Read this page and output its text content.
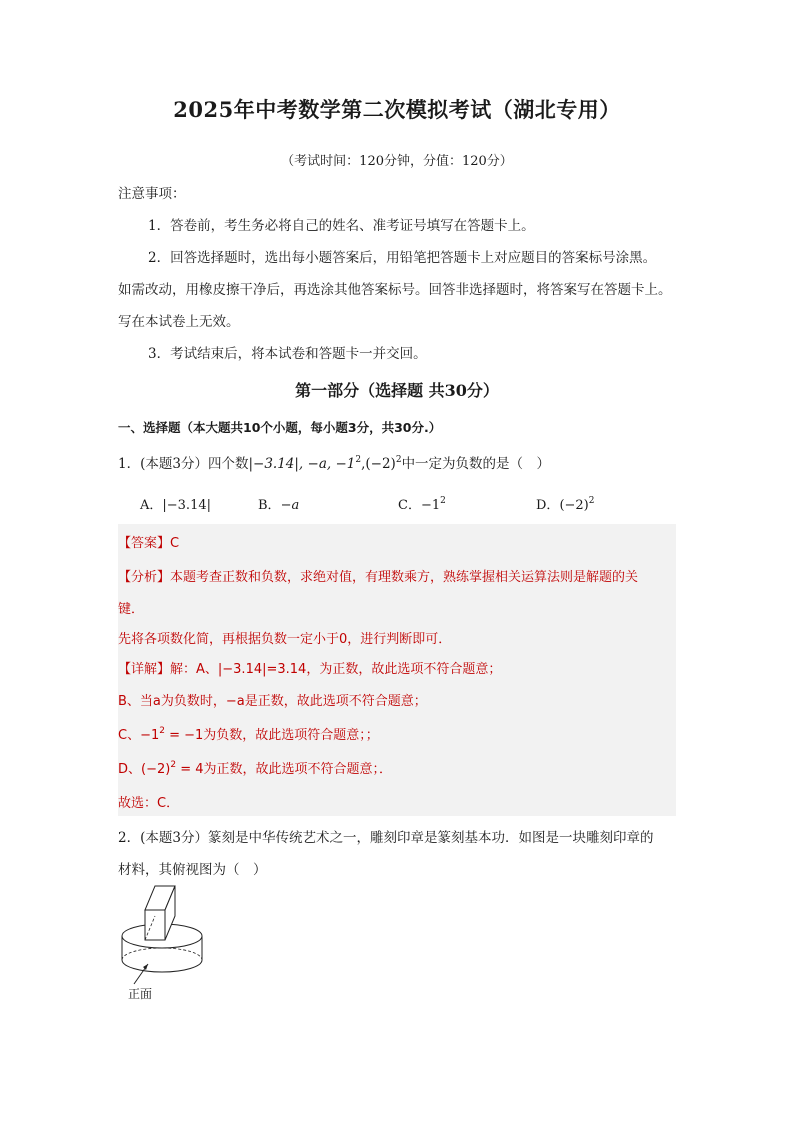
2025年中考数学第二次模拟考试（湖北专用）
（考试时间：120分钟，分值：120分）
注意事项：
1．答卷前，考生务必将自己的姓名、准考证号填写在答题卡上。
2．回答选择题时，选出每小题答案后，用铅笔把答题卡上对应题目的答案标号涂黑。
如需改动，用橡皮擦干净后，再选涂其他答案标号。回答非选择题时，将答案写在答题卡上。
写在本试卷上无效。
3．考试结束后，将本试卷和答题卡一并交回。
第一部分（选择题 共30分）
一、选择题（本大题共10个小题，每小题3分，共30分.）
1．(本题3分）四个数|−3.14|, −a, $-1^2,(-2)^2$中一定为负数的是（　）
A．|−3.14|	B．−a	C．$-1^2$	D．$(-2)^2$
【答案】C
【分析】本题考查正数和负数，求绝对值，有理数乘方，熟练掌握相关运算法则是解题的关
键．
先将各项数化简，再根据负数一定小于0，进行判断即可．
【详解】解：A、|−3.14|=3.14，为正数，故此选项不符合题意；
B、当a为负数时，−a是正数，故此选项不符合题意；
C、$-1^2 = -1$为负数，故此选项符合题意；；
D、$(-2)^2 = 4$为正数，故此选项不符合题意；．
故选：C．
2．(本题3分）篆刻是中华传统艺术之一，雕刻印章是篆刻基本功．如图是一块雕刻印章的
材料，其俯视图为（　）
正面
